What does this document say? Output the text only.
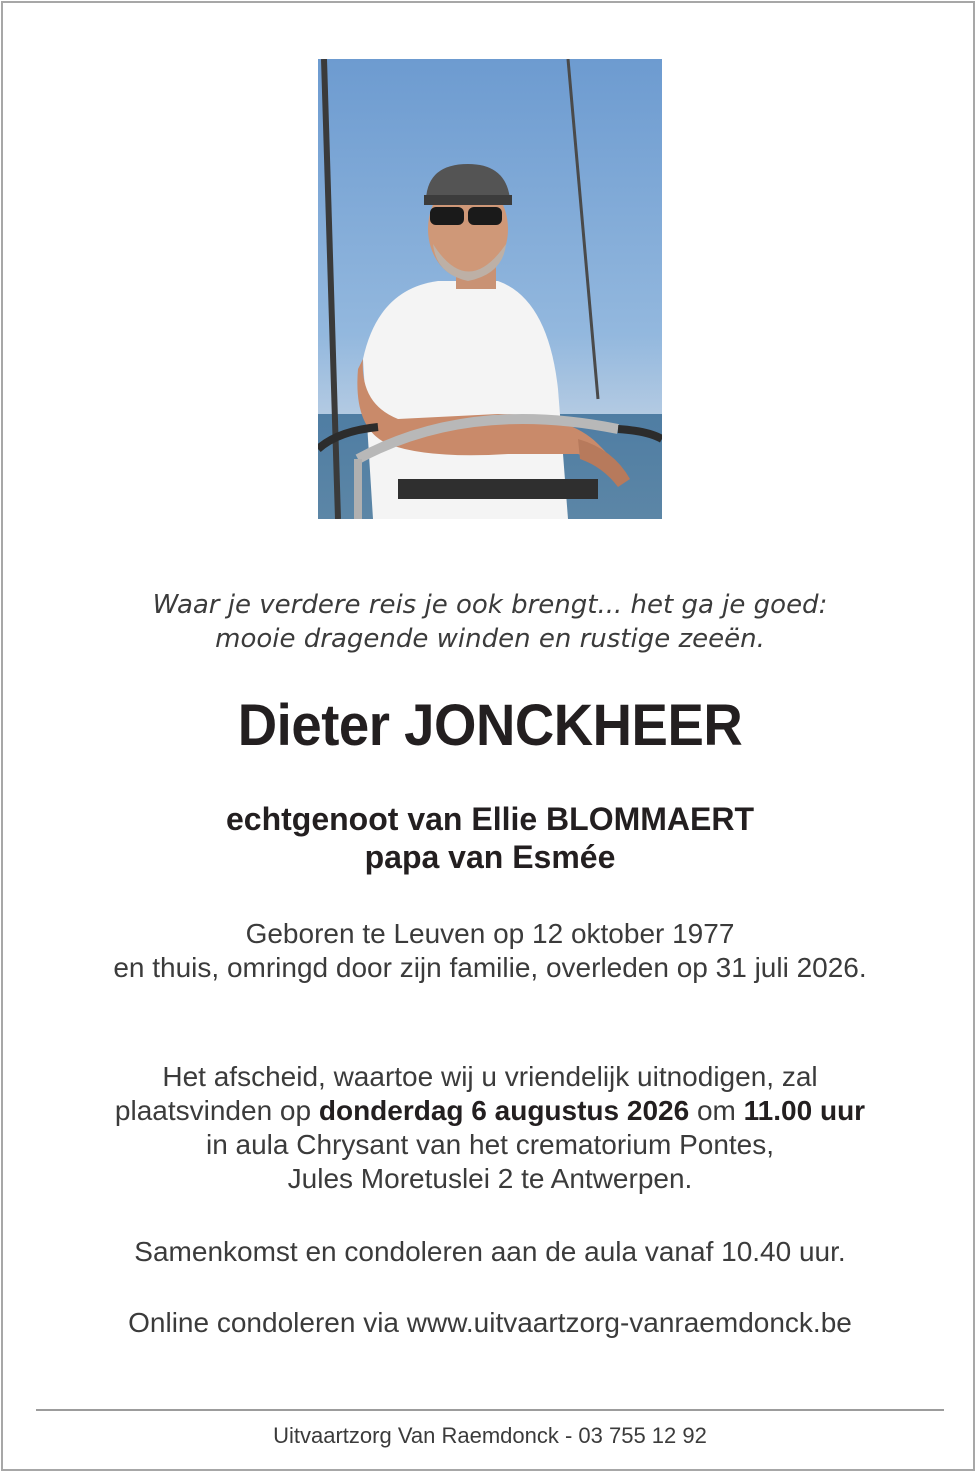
Waar je verdere reis je ook brengt... het ga je goed:
mooie dragende winden en rustige zeeën.
Dieter JONCKHEER
echtgenoot van Ellie BLOMMAERT
papa van Esmée
Geboren te Leuven op 12 oktober 1977
en thuis, omringd door zijn familie, overleden op 31 juli 2026.
Het afscheid, waartoe wij u vriendelijk uitnodigen, zal
plaatsvinden op donderdag 6 augustus 2026 om 11.00 uur
in aula Chrysant van het crematorium Pontes,
Jules Moretuslei 2 te Antwerpen.
Samenkomst en condoleren aan de aula vanaf 10.40 uur.
Online condoleren via www.uitvaartzorg-vanraemdonck.be
Uitvaartzorg Van Raemdonck - 03 755 12 92
